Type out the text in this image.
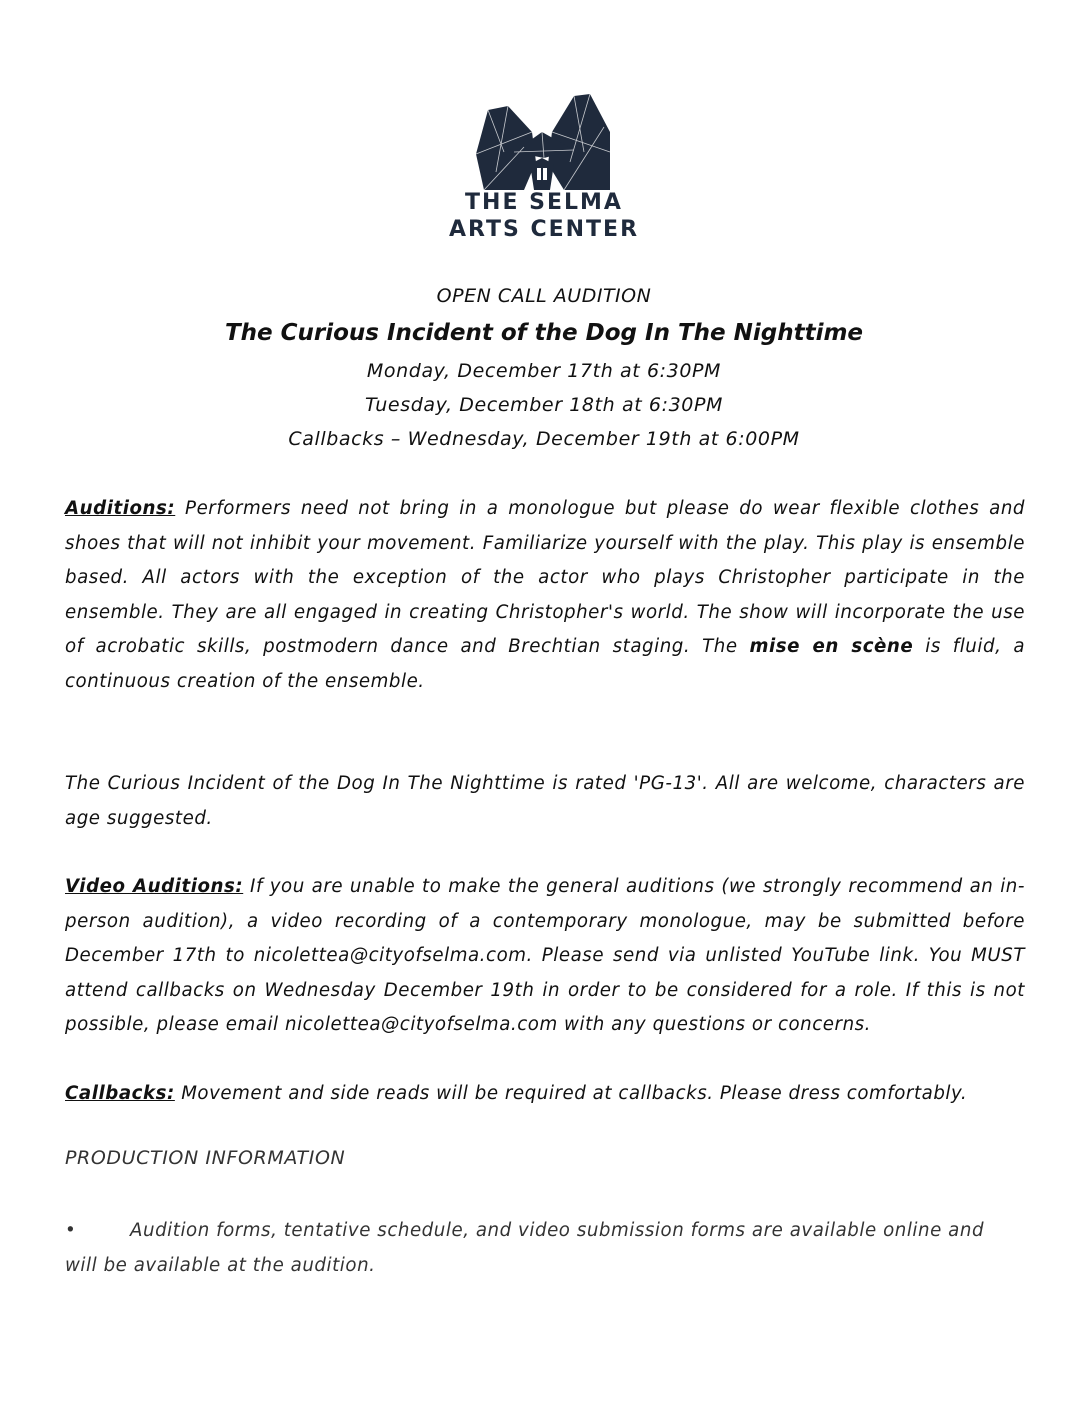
THE SELMA
ARTS CENTER
OPEN CALL AUDITION
The Curious Incident of the Dog In The Nighttime
Monday, December 17th at 6:30PM
Tuesday, December 18th at 6:30PM
Callbacks – Wednesday, December 19th at 6:00PM
Auditions: Performers need not bring in a monologue but please do wear flexible clothes and shoes that will not inhibit your movement. Familiarize yourself with the play. This play is ensemble based. All actors with the exception of the actor who plays Christopher participate in the ensemble. They are all engaged in creating Christopher's world. The show will incorporate the use of acrobatic skills, postmodern dance and Brechtian staging. The mise en scène is fluid, a continuous creation of the ensemble.
The Curious Incident of the Dog In The Nighttime is rated 'PG-13'. All are welcome, characters are age suggested.
Video Auditions: If you are unable to make the general auditions (we strongly recommend an in-person audition), a video recording of a contemporary monologue, may be submitted before December 17th to nicolettea@cityofselma.com. Please send via unlisted YouTube link. You MUST attend callbacks on Wednesday December 19th in order to be considered for a role. If this is not possible, please email nicolettea@cityofselma.com with any questions or concerns.
Callbacks: Movement and side reads will be required at callbacks. Please dress comfortably.
PRODUCTION INFORMATION
•	Audition forms, tentative schedule, and video submission forms are available online and will be available at the audition.
